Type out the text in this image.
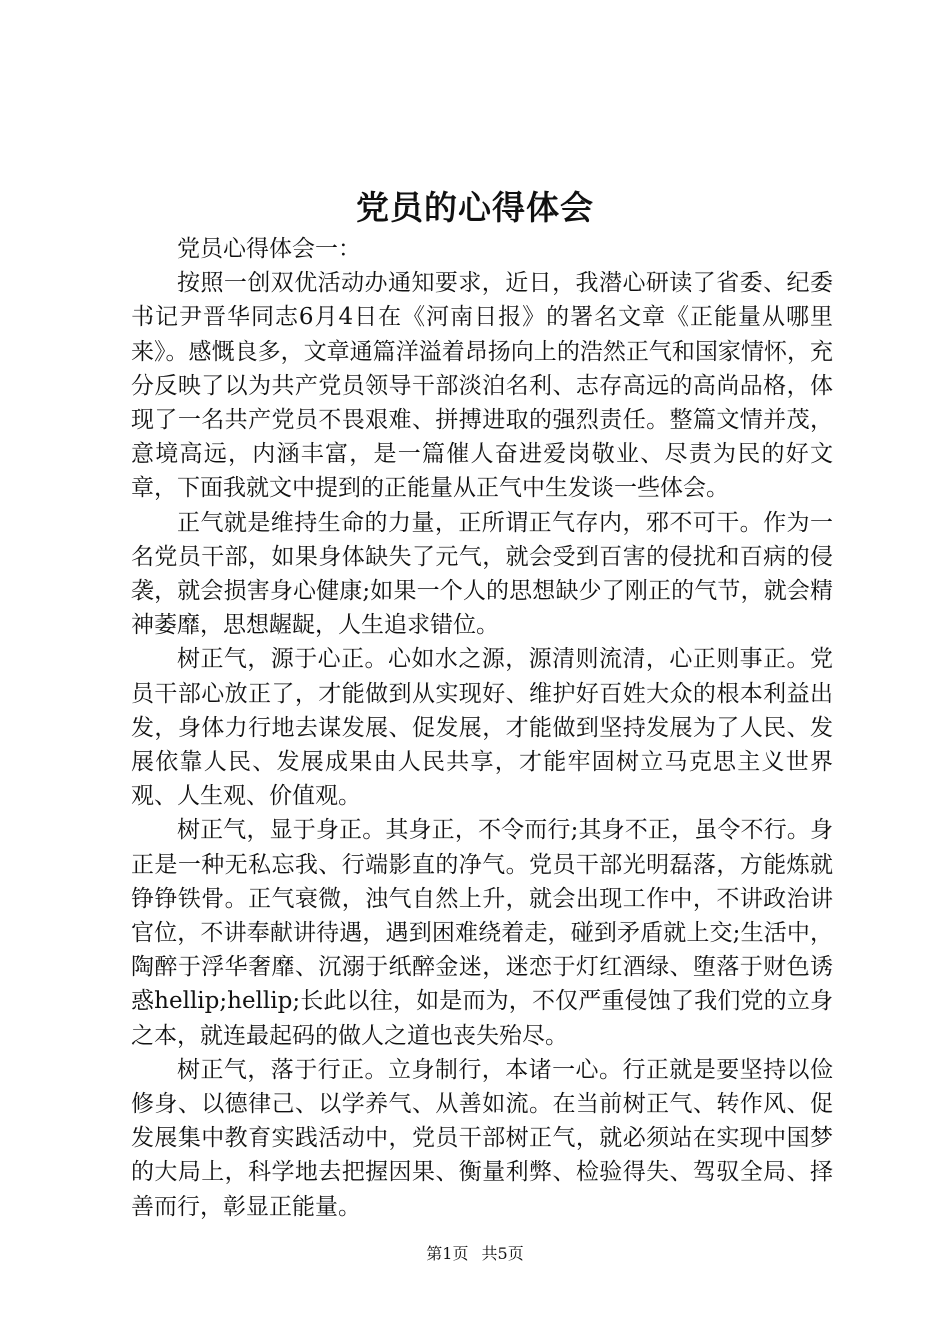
党员的心得体会

党员心得体会一：

按照一创双优活动办通知要求，近日，我潜心研读了省委、纪委书记尹晋华同志6月4日在《河南日报》的署名文章《正能量从哪里来》。感慨良多，文章通篇洋溢着昂扬向上的浩然正气和国家情怀，充分反映了以为共产党员领导干部淡泊名利、志存高远的高尚品格，体现了一名共产党员不畏艰难、拼搏进取的强烈责任。整篇文情并茂，意境高远，内涵丰富，是一篇催人奋进爱岗敬业、尽责为民的好文章，下面我就文中提到的正能量从正气中生发谈一些体会。

正气就是维持生命的力量，正所谓正气存内，邪不可干。作为一名党员干部，如果身体缺失了元气，就会受到百害的侵扰和百病的侵袭，就会损害身心健康;如果一个人的思想缺少了刚正的气节，就会精神萎靡，思想龌龊，人生追求错位。

树正气，源于心正。心如水之源，源清则流清，心正则事正。党员干部心放正了，才能做到从实现好、维护好百姓大众的根本利益出发，身体力行地去谋发展、促发展，才能做到坚持发展为了人民、发展依靠人民、发展成果由人民共享，才能牢固树立马克思主义世界观、人生观、价值观。

树正气，显于身正。其身正，不令而行;其身不正，虽令不行。身正是一种无私忘我、行端影直的净气。党员干部光明磊落，方能炼就铮铮铁骨。正气衰微，浊气自然上升，就会出现工作中，不讲政治讲官位，不讲奉献讲待遇，遇到困难绕着走，碰到矛盾就上交;生活中，陶醉于浮华奢靡、沉溺于纸醉金迷，迷恋于灯红酒绿、堕落于财色诱惑hellip;hellip;长此以往，如是而为，不仅严重侵蚀了我们党的立身之本，就连最起码的做人之道也丧失殆尽。

树正气，落于行正。立身制行，本诸一心。行正就是要坚持以俭修身、以德律己、以学养气、从善如流。在当前树正气、转作风、促发展集中教育实践活动中，党员干部树正气，就必须站在实现中国梦的大局上，科学地去把握因果、衡量利弊、检验得失、驾驭全局、择善而行，彰显正能量。

第1页 共5页
